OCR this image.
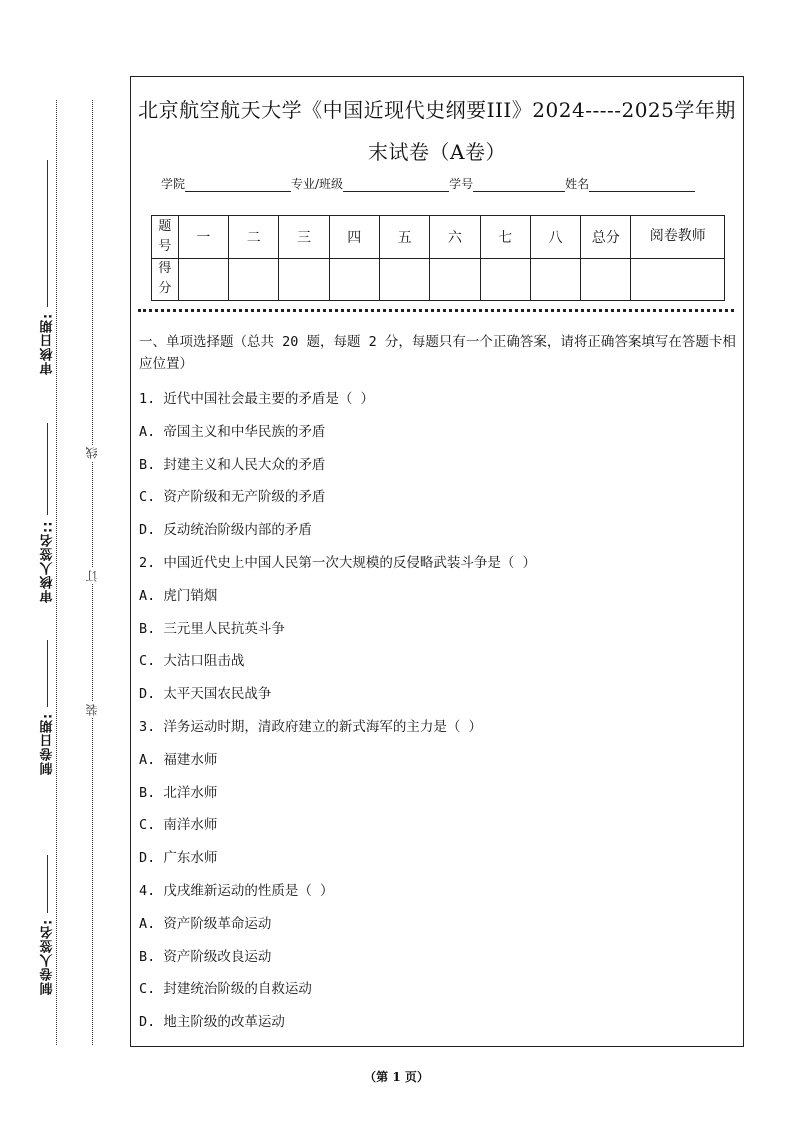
审核日期:
审核人签名::
制卷日期:
制卷人签名:
线
订
装
北京航空航天大学《中国近现代史纲要III》2024-----2025学年期
末试卷（A卷）
学院	专业/班级	学号	姓名
题号	一	二	三	四	五	六	七	八	总分	阅卷教师
得分										
一、单项选择题（总共 20 题，每题 2 分，每题只有一个正确答案，请将正确答案填写在答题卡相应位置）
1. 近代中国社会最主要的矛盾是（ ）
A. 帝国主义和中华民族的矛盾
B. 封建主义和人民大众的矛盾
C. 资产阶级和无产阶级的矛盾
D. 反动统治阶级内部的矛盾
2. 中国近代史上中国人民第一次大规模的反侵略武装斗争是（ ）
A. 虎门销烟
B. 三元里人民抗英斗争
C. 大沽口阻击战
D. 太平天国农民战争
3. 洋务运动时期，清政府建立的新式海军的主力是（ ）
A. 福建水师
B. 北洋水师
C. 南洋水师
D. 广东水师
4. 戊戌维新运动的性质是（ ）
A. 资产阶级革命运动
B. 资产阶级改良运动
C. 封建统治阶级的自救运动
D. 地主阶级的改革运动
（第 1 页）
